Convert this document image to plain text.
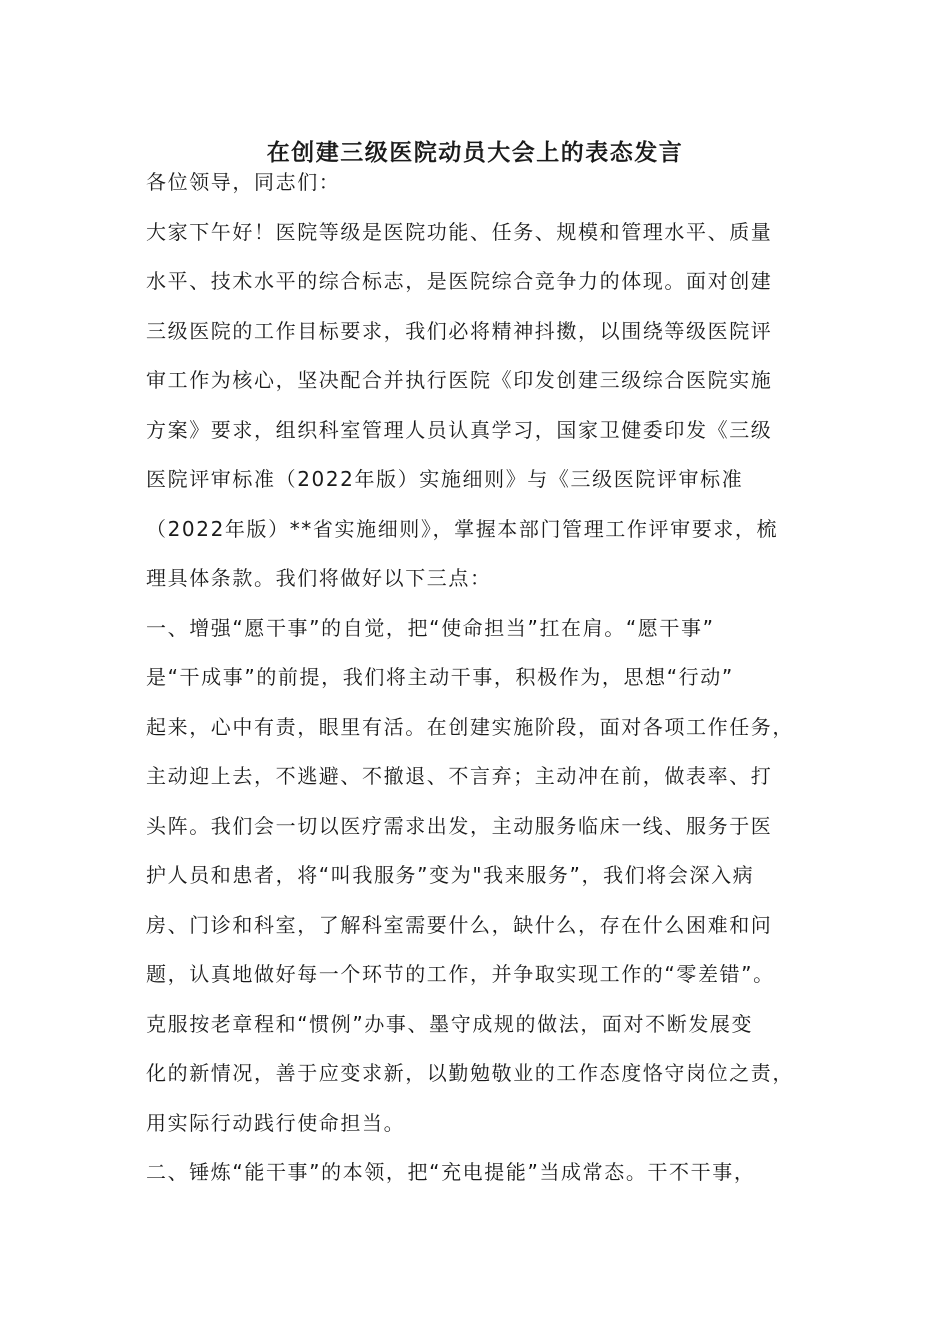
在创建三级医院动员大会上的表态发言
各位领导，同志们：
大家下午好！医院等级是医院功能、任务、规模和管理水平、质量
水平、技术水平的综合标志，是医院综合竞争力的体现。面对创建
三级医院的工作目标要求，我们必将精神抖擞，以围绕等级医院评
审工作为核心，坚决配合并执行医院《印发创建三级综合医院实施
方案》要求，组织科室管理人员认真学习，国家卫健委印发《三级
医院评审标准（2022年版）实施细则》与《三级医院评审标准
（2022年版）**省实施细则》，掌握本部门管理工作评审要求，梳
理具体条款。我们将做好以下三点：
一、增强“愿干事”的自觉，把“使命担当”扛在肩。“愿干事”
是“干成事”的前提，我们将主动干事，积极作为，思想“行动”
起来，心中有责，眼里有活。在创建实施阶段，面对各项工作任务，
主动迎上去，不逃避、不撤退、不言弃；主动冲在前，做表率、打
头阵。我们会一切以医疗需求出发，主动服务临床一线、服务于医
护人员和患者，将“叫我服务”变为"我来服务”，我们将会深入病
房、门诊和科室，了解科室需要什么，缺什么，存在什么困难和问
题，认真地做好每一个环节的工作，并争取实现工作的“零差错”。
克服按老章程和“惯例”办事、墨守成规的做法，面对不断发展变
化的新情况，善于应变求新，以勤勉敬业的工作态度恪守岗位之责，
用实际行动践行使命担当。
二、锤炼“能干事”的本领，把“充电提能”当成常态。干不干事，
